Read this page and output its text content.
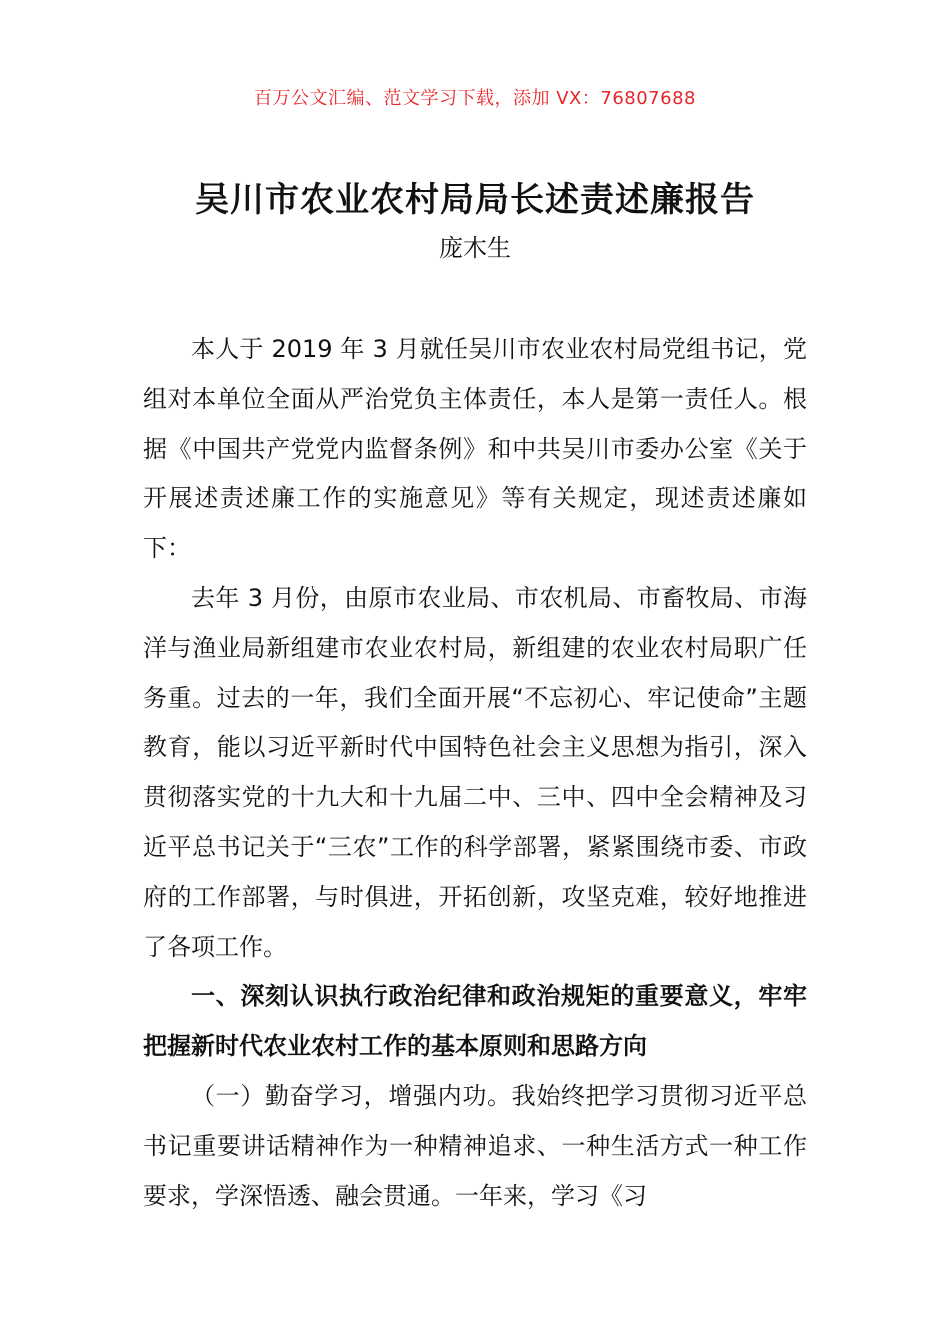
百万公文汇编、范文学习下载，添加 VX：76807688
吴川市农业农村局局长述责述廉报告
庞木生

本人于 2019 年 3 月就任吴川市农业农村局党组书记，党组对本单位全面从严治党负主体责任，本人是第一责任人。根据《中国共产党党内监督条例》和中共吴川市委办公室《关于开展述责述廉工作的实施意见》等有关规定，现述责述廉如下：

去年 3 月份，由原市农业局、市农机局、市畜牧局、市海洋与渔业局新组建市农业农村局，新组建的农业农村局职广任务重。过去的一年，我们全面开展“不忘初心、牢记使命”主题教育，能以习近平新时代中国特色社会主义思想为指引，深入贯彻落实党的十九大和十九届二中、三中、四中全会精神及习近平总书记关于“三农”工作的科学部署，紧紧围绕市委、市政府的工作部署，与时俱进，开拓创新，攻坚克难，较好地推进了各项工作。

一、深刻认识执行政治纪律和政治规矩的重要意义，牢牢把握新时代农业农村工作的基本原则和思路方向

（一）勤奋学习，增强内功。我始终把学习贯彻习近平总书记重要讲话精神作为一种精神追求、一种生活方式一种工作要求，学深悟透、融会贯通。一年来，学习《习
